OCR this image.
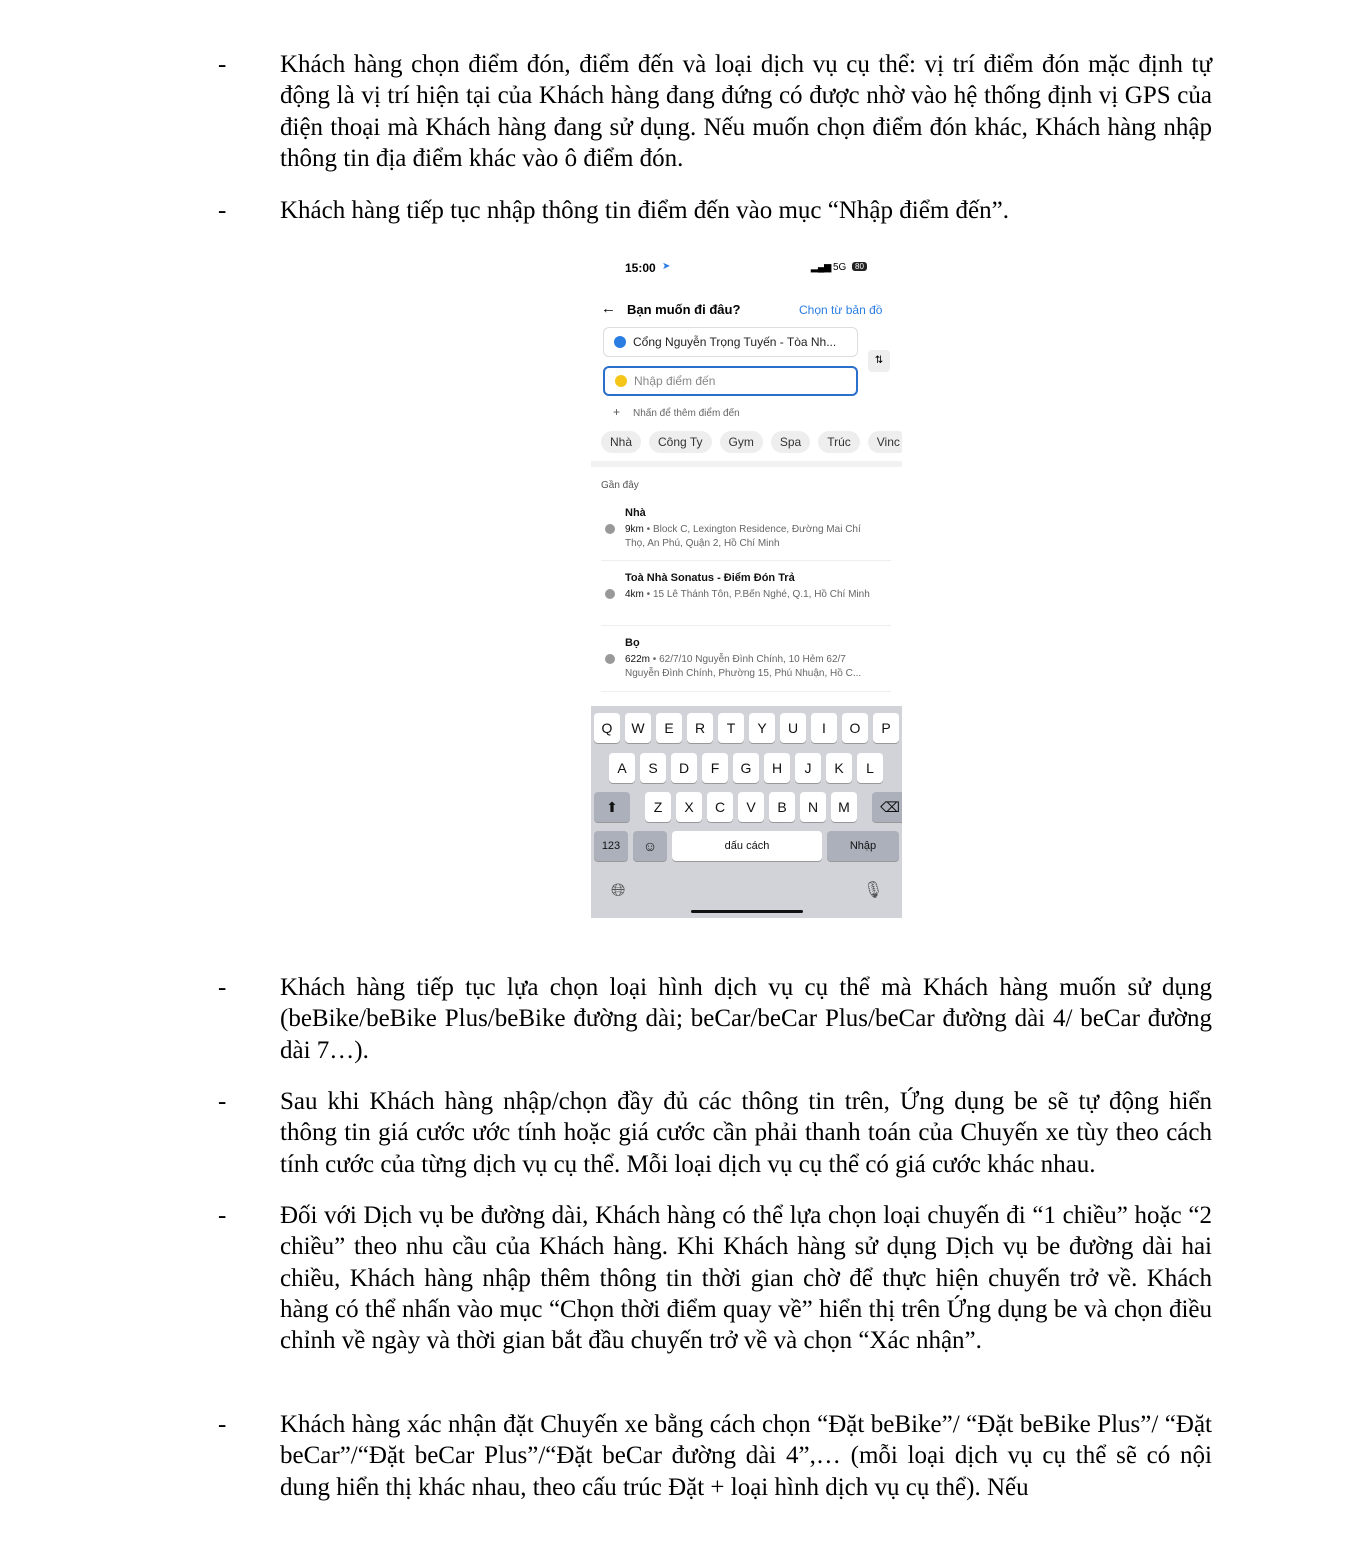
- Khách hàng chọn điểm đón, điểm đến và loại dịch vụ cụ thể: vị trí điểm đón mặc định tự động là vị trí hiện tại của Khách hàng đang đứng có được nhờ vào hệ thống định vị GPS của điện thoại mà Khách hàng đang sử dụng. Nếu muốn chọn điểm đón khác, Khách hàng nhập thông tin địa điểm khác vào ô điểm đón.
- Khách hàng tiếp tục nhập thông tin điểm đến vào mục “Nhập điểm đến”.
15:00 ➤	▂▄▆ 5G	80
← Bạn muốn đi đâu?	Chọn từ bản đồ
Cổng Nguyễn Trọng Tuyến - Tòa Nh...
⇅
Nhập điểm đến
+ Nhấn để thêm điểm đến
Nhà	Công Ty	Gym	Spa	Trúc	Vinc
Gần đây
Nhà
9km • Block C, Lexington Residence, Đường Mai Chí Thọ, An Phú, Quận 2, Hồ Chí Minh
Toà Nhà Sonatus - Điểm Đón Trả
4km • 15 Lê Thánh Tôn, P.Bến Nghé, Q.1, Hồ Chí Minh
Bọ
622m • 62/7/10 Nguyễn Đình Chính, 10 Hẻm 62/7 Nguyễn Đình Chính, Phường 15, Phú Nhuận, Hồ C...
Q	W	E	R	T	Y	U	I	O	P
A	S	D	F	G	H	J	K	L
⬆	Z	X	C	V	B	N	M	⌫
123	☺	dấu cách	Nhập
🌐︎	🎙︎
- Khách hàng tiếp tục lựa chọn loại hình dịch vụ cụ thể mà Khách hàng muốn sử dụng (beBike/beBike Plus/beBike đường dài; beCar/beCar Plus/beCar đường dài 4/ beCar đường dài 7…).
- Sau khi Khách hàng nhập/chọn đầy đủ các thông tin trên, Ứng dụng be sẽ tự động hiển thông tin giá cước ước tính hoặc giá cước cần phải thanh toán của Chuyến xe tùy theo cách tính cước của từng dịch vụ cụ thể. Mỗi loại dịch vụ cụ thể có giá cước khác nhau.
- Đối với Dịch vụ be đường dài, Khách hàng có thể lựa chọn loại chuyến đi “1 chiều” hoặc “2 chiều” theo nhu cầu của Khách hàng. Khi Khách hàng sử dụng Dịch vụ be đường dài hai chiều, Khách hàng nhập thêm thông tin thời gian chờ để thực hiện chuyến trở về. Khách hàng có thể nhấn vào mục “Chọn thời điểm quay về” hiển thị trên Ứng dụng be và chọn điều chỉnh về ngày và thời gian bắt đầu chuyến trở về và chọn “Xác nhận”.
- Khách hàng xác nhận đặt Chuyến xe bằng cách chọn “Đặt beBike”/ “Đặt beBike Plus”/ “Đặt beCar”/“Đặt beCar Plus”/“Đặt beCar đường dài 4”,… (mỗi loại dịch vụ cụ thể sẽ có nội dung hiển thị khác nhau, theo cấu trúc Đặt + loại hình dịch vụ cụ thể). Nếu
